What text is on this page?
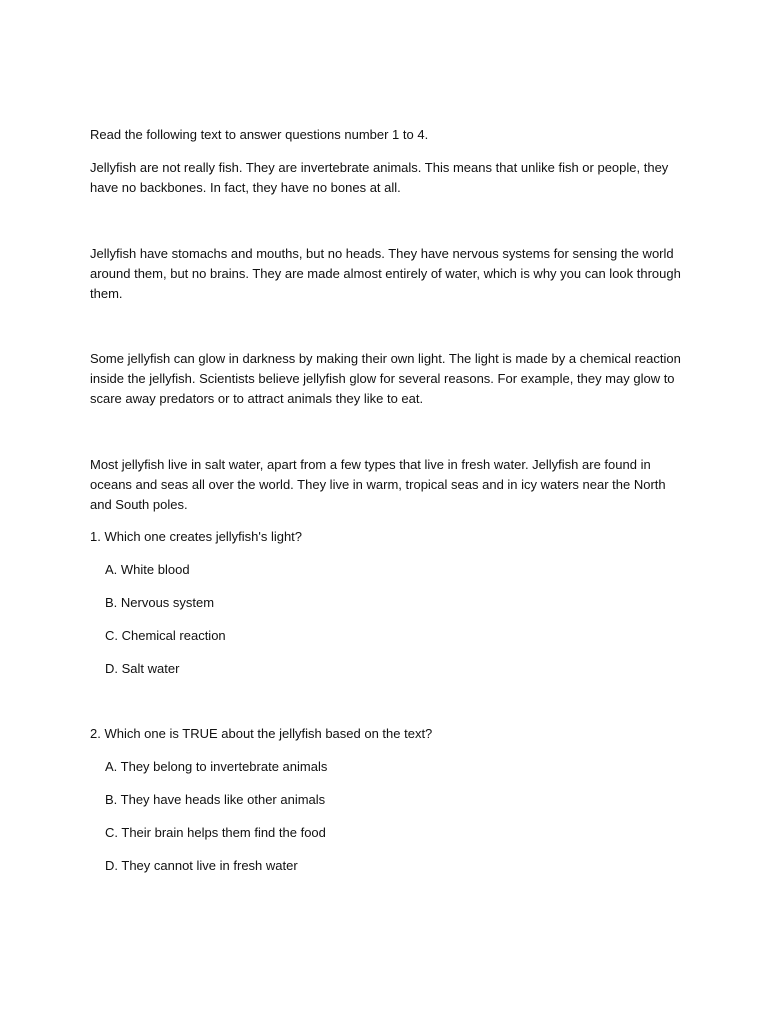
Read the following text to answer questions number 1 to 4.

Jellyfish are not really fish. They are invertebrate animals. This means that unlike fish or people, they have no backbones. In fact, they have no bones at all.

Jellyfish have stomachs and mouths, but no heads. They have nervous systems for sensing the world around them, but no brains. They are made almost entirely of water, which is why you can look through them.

Some jellyfish can glow in darkness by making their own light. The light is made by a chemical reaction inside the jellyfish. Scientists believe jellyfish glow for several reasons. For example, they may glow to scare away predators or to attract animals they like to eat.

Most jellyfish live in salt water, apart from a few types that live in fresh water. Jellyfish are found in oceans and seas all over the world. They live in warm, tropical seas and in icy waters near the North and South poles.

1. Which one creates jellyfish's light?
A. White blood
B. Nervous system
C. Chemical reaction
D. Salt water
2. Which one is TRUE about the jellyfish based on the text?
A. They belong to invertebrate animals
B. They have heads like other animals
C. Their brain helps them find the food
D. They cannot live in fresh water
